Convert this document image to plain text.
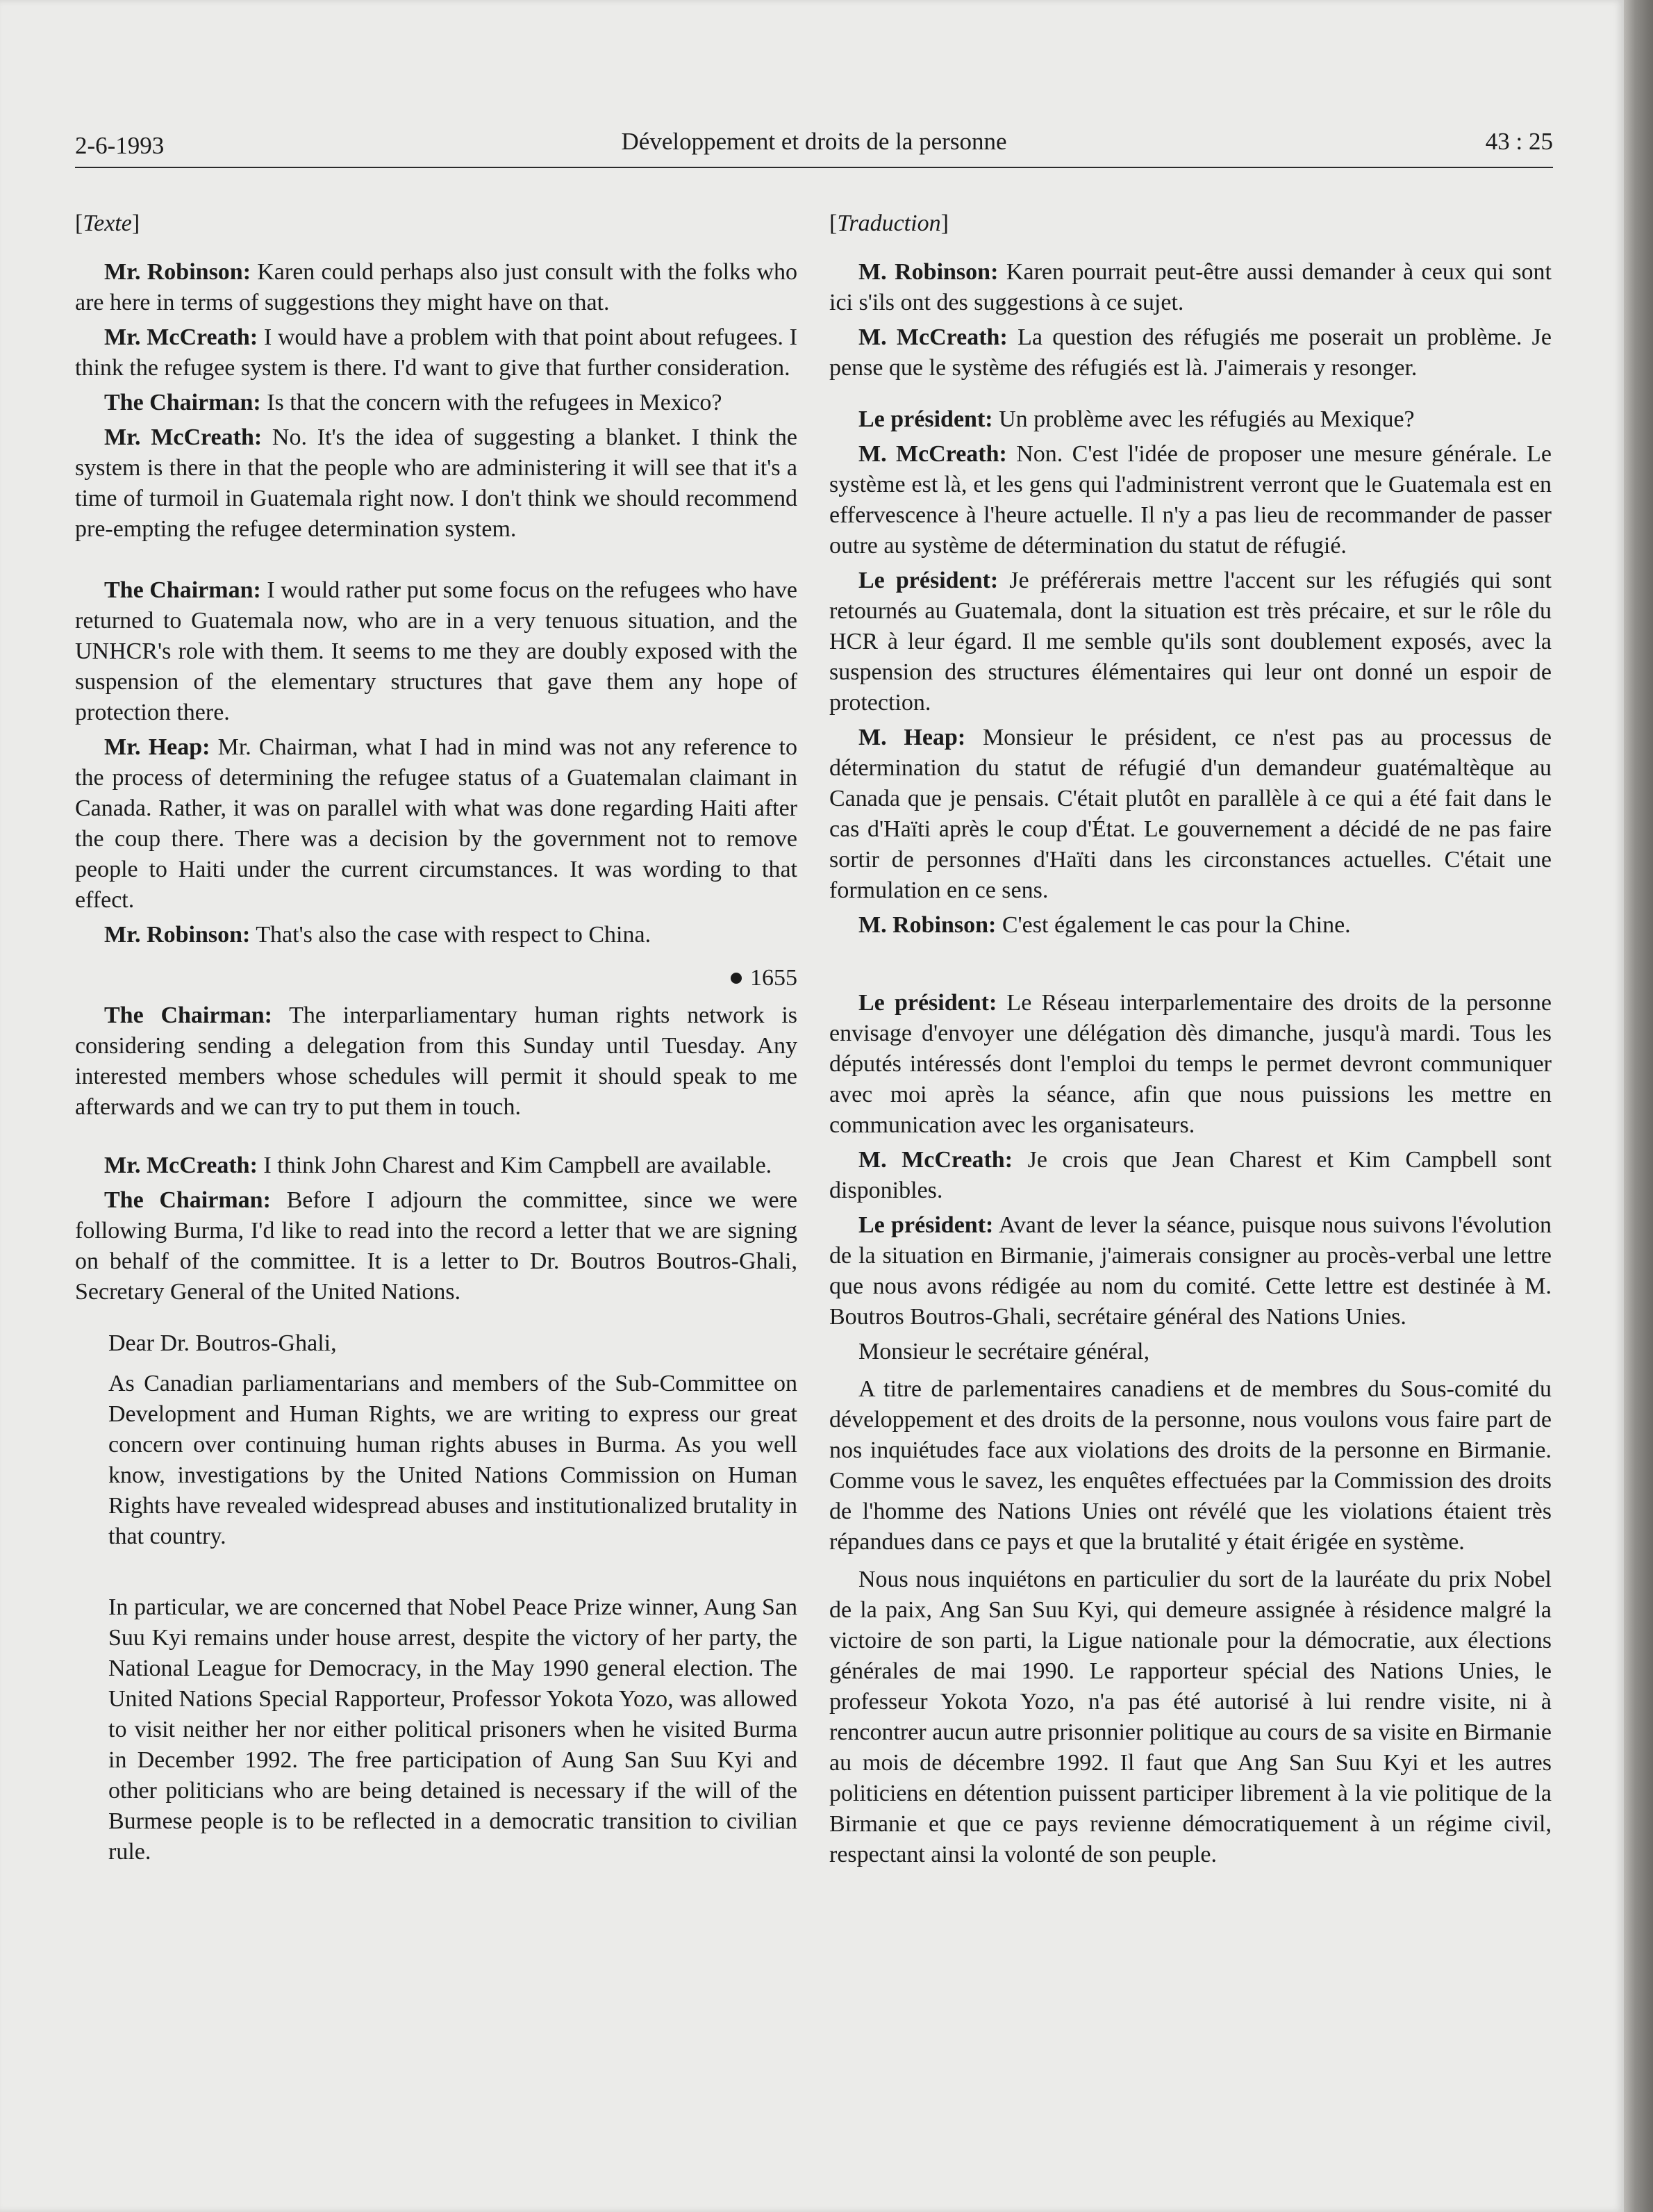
2-6-1993	Développement et droits de la personne	43 : 25

[Texte]

Mr. Robinson: Karen could perhaps also just consult with the folks who are here in terms of suggestions they might have on that.

Mr. McCreath: I would have a problem with that point about refugees. I think the refugee system is there. I'd want to give that further consideration.

The Chairman: Is that the concern with the refugees in Mexico?

Mr. McCreath: No. It's the idea of suggesting a blanket. I think the system is there in that the people who are administering it will see that it's a time of turmoil in Guatemala right now. I don't think we should recommend pre-empting the refugee determination system.

The Chairman: I would rather put some focus on the refugees who have returned to Guatemala now, who are in a very tenuous situation, and the UNHCR's role with them. It seems to me they are doubly exposed with the suspension of the elementary structures that gave them any hope of protection there.

Mr. Heap: Mr. Chairman, what I had in mind was not any reference to the process of determining the refugee status of a Guatemalan claimant in Canada. Rather, it was on parallel with what was done regarding Haiti after the coup there. There was a decision by the government not to remove people to Haiti under the current circumstances. It was wording to that effect.

Mr. Robinson: That's also the case with respect to China.

1655

The Chairman: The interparliamentary human rights network is considering sending a delegation from this Sunday until Tuesday. Any interested members whose schedules will permit it should speak to me afterwards and we can try to put them in touch.

Mr. McCreath: I think John Charest and Kim Campbell are available.

The Chairman: Before I adjourn the committee, since we were following Burma, I'd like to read into the record a letter that we are signing on behalf of the committee. It is a letter to Dr. Boutros Boutros-Ghali, Secretary General of the United Nations.

Dear Dr. Boutros-Ghali,

As Canadian parliamentarians and members of the Sub-Committee on Development and Human Rights, we are writing to express our great concern over continuing human rights abuses in Burma. As you well know, investigations by the United Nations Commission on Human Rights have revealed widespread abuses and institutionalized brutality in that country.

In particular, we are concerned that Nobel Peace Prize winner, Aung San Suu Kyi remains under house arrest, despite the victory of her party, the National League for Democracy, in the May 1990 general election. The United Nations Special Rapporteur, Professor Yokota Yozo, was allowed to visit neither her nor either political prisoners when he visited Burma in December 1992. The free participation of Aung San Suu Kyi and other politicians who are being detained is necessary if the will of the Burmese people is to be reflected in a democratic transition to civilian rule.

[Traduction]

M. Robinson: Karen pourrait peut-être aussi demander à ceux qui sont ici s'ils ont des suggestions à ce sujet.

M. McCreath: La question des réfugiés me poserait un problème. Je pense que le système des réfugiés est là. J'aimerais y resonger.

Le président: Un problème avec les réfugiés au Mexique?

M. McCreath: Non. C'est l'idée de proposer une mesure générale. Le système est là, et les gens qui l'administrent verront que le Guatemala est en effervescence à l'heure actuelle. Il n'y a pas lieu de recommander de passer outre au système de détermination du statut de réfugié.

Le président: Je préférerais mettre l'accent sur les réfugiés qui sont retournés au Guatemala, dont la situation est très précaire, et sur le rôle du HCR à leur égard. Il me semble qu'ils sont doublement exposés, avec la suspension des structures élémentaires qui leur ont donné un espoir de protection.

M. Heap: Monsieur le président, ce n'est pas au processus de détermination du statut de réfugié d'un demandeur guatémaltèque au Canada que je pensais. C'était plutôt en parallèle à ce qui a été fait dans le cas d'Haïti après le coup d'État. Le gouvernement a décidé de ne pas faire sortir de personnes d'Haïti dans les circonstances actuelles. C'était une formulation en ce sens.

M. Robinson: C'est également le cas pour la Chine.

Le président: Le Réseau interparlementaire des droits de la personne envisage d'envoyer une délégation dès dimanche, jusqu'à mardi. Tous les députés intéressés dont l'emploi du temps le permet devront communiquer avec moi après la séance, afin que nous puissions les mettre en communication avec les organisateurs.

M. McCreath: Je crois que Jean Charest et Kim Campbell sont disponibles.

Le président: Avant de lever la séance, puisque nous suivons l'évolution de la situation en Birmanie, j'aimerais consigner au procès-verbal une lettre que nous avons rédigée au nom du comité. Cette lettre est destinée à M. Boutros Boutros-Ghali, secrétaire général des Nations Unies.

Monsieur le secrétaire général,

A titre de parlementaires canadiens et de membres du Sous-comité du développement et des droits de la personne, nous voulons vous faire part de nos inquiétudes face aux violations des droits de la personne en Birmanie. Comme vous le savez, les enquêtes effectuées par la Commission des droits de l'homme des Nations Unies ont révélé que les violations étaient très répandues dans ce pays et que la brutalité y était érigée en système.

Nous nous inquiétons en particulier du sort de la lauréate du prix Nobel de la paix, Ang San Suu Kyi, qui demeure assignée à résidence malgré la victoire de son parti, la Ligue nationale pour la démocratie, aux élections générales de mai 1990. Le rapporteur spécial des Nations Unies, le professeur Yokota Yozo, n'a pas été autorisé à lui rendre visite, ni à rencontrer aucun autre prisonnier politique au cours de sa visite en Birmanie au mois de décembre 1992. Il faut que Ang San Suu Kyi et les autres politiciens en détention puissent participer librement à la vie politique de la Birmanie et que ce pays revienne démocratiquement à un régime civil, respectant ainsi la volonté de son peuple.
